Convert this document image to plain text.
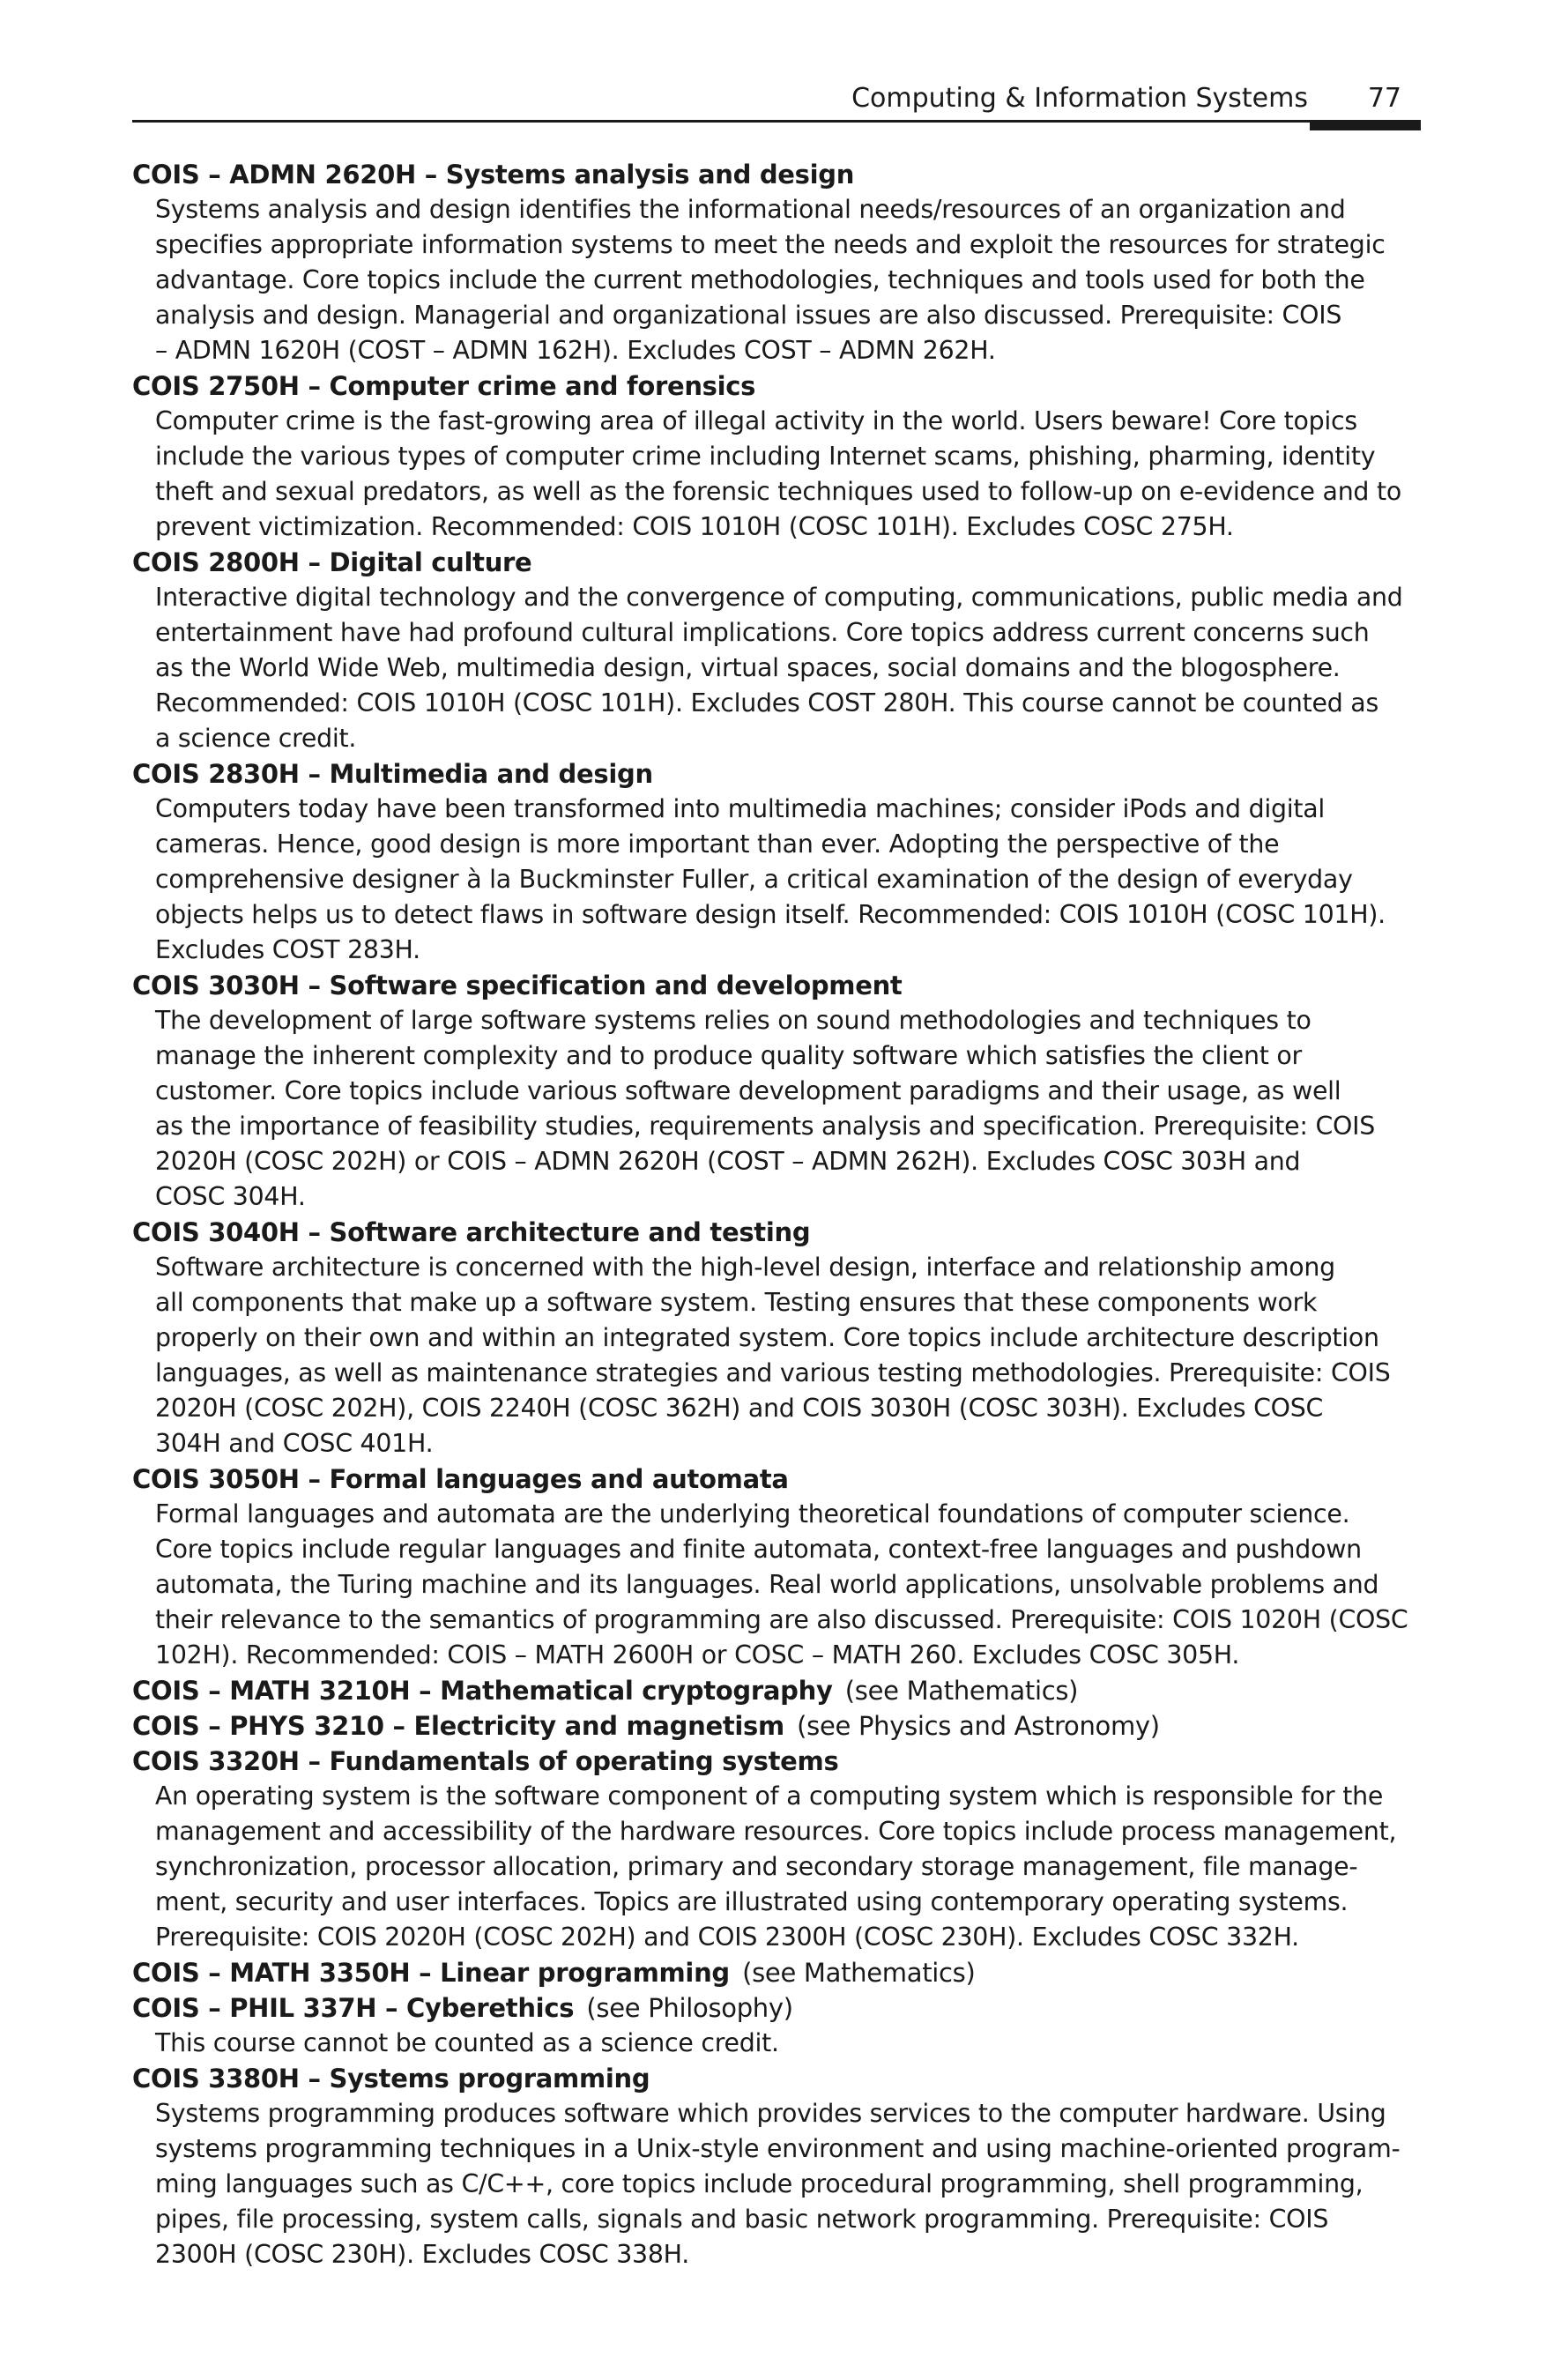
Computing & Information Systems 77
COIS – ADMN 2620H – Systems analysis and design
Systems analysis and design identifies the informational needs/resources of an organization and
specifies appropriate information systems to meet the needs and exploit the resources for strategic
advantage. Core topics include the current methodologies, techniques and tools used for both the
analysis and design. Managerial and organizational issues are also discussed. Prerequisite: COIS
– ADMN 1620H (COST – ADMN 162H). Excludes COST – ADMN 262H.
COIS 2750H – Computer crime and forensics
Computer crime is the fast-growing area of illegal activity in the world. Users beware! Core topics
include the various types of computer crime including Internet scams, phishing, pharming, identity
theft and sexual predators, as well as the forensic techniques used to follow-up on e-evidence and to
prevent victimization. Recommended: COIS 1010H (COSC 101H). Excludes COSC 275H.
COIS 2800H – Digital culture
Interactive digital technology and the convergence of computing, communications, public media and
entertainment have had profound cultural implications. Core topics address current concerns such
as the World Wide Web, multimedia design, virtual spaces, social domains and the blogosphere.
Recommended: COIS 1010H (COSC 101H). Excludes COST 280H. This course cannot be counted as
a science credit.
COIS 2830H – Multimedia and design
Computers today have been transformed into multimedia machines; consider iPods and digital
cameras. Hence, good design is more important than ever. Adopting the perspective of the
comprehensive designer à la Buckminster Fuller, a critical examination of the design of everyday
objects helps us to detect flaws in software design itself. Recommended: COIS 1010H (COSC 101H).
Excludes COST 283H.
COIS 3030H – Software specification and development
The development of large software systems relies on sound methodologies and techniques to
manage the inherent complexity and to produce quality software which satisfies the client or
customer. Core topics include various software development paradigms and their usage, as well
as the importance of feasibility studies, requirements analysis and specification. Prerequisite: COIS
2020H (COSC 202H) or COIS – ADMN 2620H (COST – ADMN 262H). Excludes COSC 303H and
COSC 304H.
COIS 3040H – Software architecture and testing
Software architecture is concerned with the high-level design, interface and relationship among
all components that make up a software system. Testing ensures that these components work
properly on their own and within an integrated system. Core topics include architecture description
languages, as well as maintenance strategies and various testing methodologies. Prerequisite: COIS
2020H (COSC 202H), COIS 2240H (COSC 362H) and COIS 3030H (COSC 303H). Excludes COSC
304H and COSC 401H.
COIS 3050H – Formal languages and automata
Formal languages and automata are the underlying theoretical foundations of computer science.
Core topics include regular languages and finite automata, context-free languages and pushdown
automata, the Turing machine and its languages. Real world applications, unsolvable problems and
their relevance to the semantics of programming are also discussed. Prerequisite: COIS 1020H (COSC
102H). Recommended: COIS – MATH 2600H or COSC – MATH 260. Excludes COSC 305H.
COIS – MATH 3210H – Mathematical cryptography  (see Mathematics)
COIS – PHYS 3210 – Electricity and magnetism  (see Physics and Astronomy)
COIS 3320H – Fundamentals of operating systems
An operating system is the software component of a computing system which is responsible for the
management and accessibility of the hardware resources. Core topics include process management,
synchronization, processor allocation, primary and secondary storage management, file manage-
ment, security and user interfaces. Topics are illustrated using contemporary operating systems.
Prerequisite: COIS 2020H (COSC 202H) and COIS 2300H (COSC 230H). Excludes COSC 332H.
COIS – MATH 3350H – Linear programming  (see Mathematics)
COIS – PHIL 337H – Cyberethics  (see Philosophy)
This course cannot be counted as a science credit.
COIS 3380H – Systems programming
Systems programming produces software which provides services to the computer hardware. Using
systems programming techniques in a Unix-style environment and using machine-oriented program-
ming languages such as C/C++, core topics include procedural programming, shell programming,
pipes, file processing, system calls, signals and basic network programming. Prerequisite: COIS
2300H (COSC 230H). Excludes COSC 338H.
